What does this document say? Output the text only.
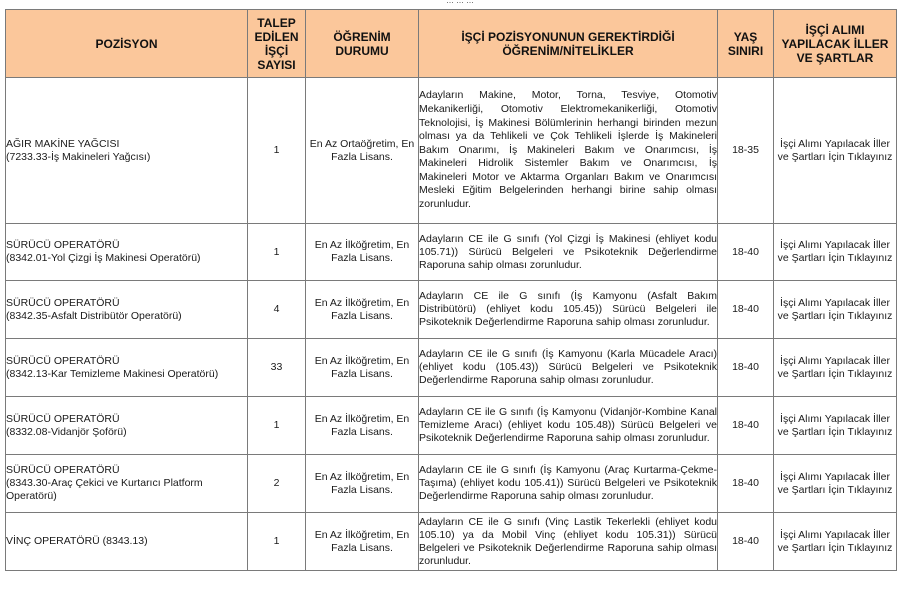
... ... ...
POZİSYON	TALEP EDİLEN İŞÇİ SAYISI	ÖĞRENİM DURUMU	İŞÇİ POZİSYONUNUN GEREKTİRDİĞİ ÖĞRENİM/NİTELİKLER	YAŞ SINIRI	İŞÇİ ALIMI YAPILACAK İLLER VE ŞARTLAR

AĞIR MAKİNE YAĞCISI
(7233.33-İş Makineleri Yağcısı)	1	En Az Ortaöğretim, En Fazla Lisans.	Adayların Makine, Motor, Torna, Tesviye, Otomotiv Mekanikerliği, Otomotiv Elektromekanikerliği, Otomotiv Teknolojisi, İş Makinesi Bölümlerinin herhangi birinden mezun olması ya da Tehlikeli ve Çok Tehlikeli İşlerde İş Makineleri Bakım Onarımı, İş Makineleri Bakım ve Onarımcısı, İş Makineleri Hidrolik Sistemler Bakım ve Onarımcısı, İş Makineleri Motor ve Aktarma Organları Bakım ve Onarımcısı Mesleki Eğitim Belgelerinden herhangi birine sahip olması zorunludur.	18-35	İşçi Alımı Yapılacak İller ve Şartları İçin Tıklayınız

SÜRÜCÜ OPERATÖRÜ
(8342.01-Yol Çizgi İş Makinesi Operatörü)	1	En Az İlköğretim, En Fazla Lisans.	Adayların CE ile G sınıfı (Yol Çizgi İş Makinesi (ehliyet kodu 105.71)) Sürücü Belgeleri ve Psikoteknik Değerlendirme Raporuna sahip olması zorunludur.	18-40	İşçi Alımı Yapılacak İller ve Şartları İçin Tıklayınız

SÜRÜCÜ OPERATÖRÜ
(8342.35-Asfalt Distribütör Operatörü)	4	En Az İlköğretim, En Fazla Lisans.	Adayların CE ile G sınıfı (İş Kamyonu (Asfalt Bakım Distribütörü) (ehliyet kodu 105.45)) Sürücü Belgeleri ile Psikoteknik Değerlendirme Raporuna sahip olması zorunludur.	18-40	İşçi Alımı Yapılacak İller ve Şartları İçin Tıklayınız

SÜRÜCÜ OPERATÖRÜ
(8342.13-Kar Temizleme Makinesi Operatörü)	33	En Az İlköğretim, En Fazla Lisans.	Adayların CE ile G sınıfı (İş Kamyonu (Karla Mücadele Aracı) (ehliyet kodu (105.43)) Sürücü Belgeleri ve Psikoteknik Değerlendirme Raporuna sahip olması zorunludur.	18-40	İşçi Alımı Yapılacak İller ve Şartları İçin Tıklayınız

SÜRÜCÜ OPERATÖRÜ
(8332.08-Vidanjör Şoförü)	1	En Az İlköğretim, En Fazla Lisans.	Adayların CE ile G sınıfı (İş Kamyonu (Vidanjör-Kombine Kanal Temizleme Aracı) (ehliyet kodu 105.48)) Sürücü Belgeleri ve Psikoteknik Değerlendirme Raporuna sahip olması zorunludur.	18-40	İşçi Alımı Yapılacak İller ve Şartları İçin Tıklayınız

SÜRÜCÜ OPERATÖRÜ
(8343.30-Araç Çekici ve Kurtarıcı Platform Operatörü)	2	En Az İlköğretim, En Fazla Lisans.	Adayların CE ile G sınıfı (İş Kamyonu (Araç Kurtarma-Çekme-Taşıma) (ehliyet kodu 105.41)) Sürücü Belgeleri ve Psikoteknik Değerlendirme Raporuna sahip olması zorunludur.	18-40	İşçi Alımı Yapılacak İller ve Şartları İçin Tıklayınız

VİNÇ OPERATÖRÜ (8343.13)	1	En Az İlköğretim, En Fazla Lisans.	Adayların CE ile G sınıfı (Vinç Lastik Tekerlekli (ehliyet kodu 105.10) ya da Mobil Vinç (ehliyet kodu 105.31)) Sürücü Belgeleri ve Psikoteknik Değerlendirme Raporuna sahip olması zorunludur.	18-40	İşçi Alımı Yapılacak İller ve Şartları İçin Tıklayınız
